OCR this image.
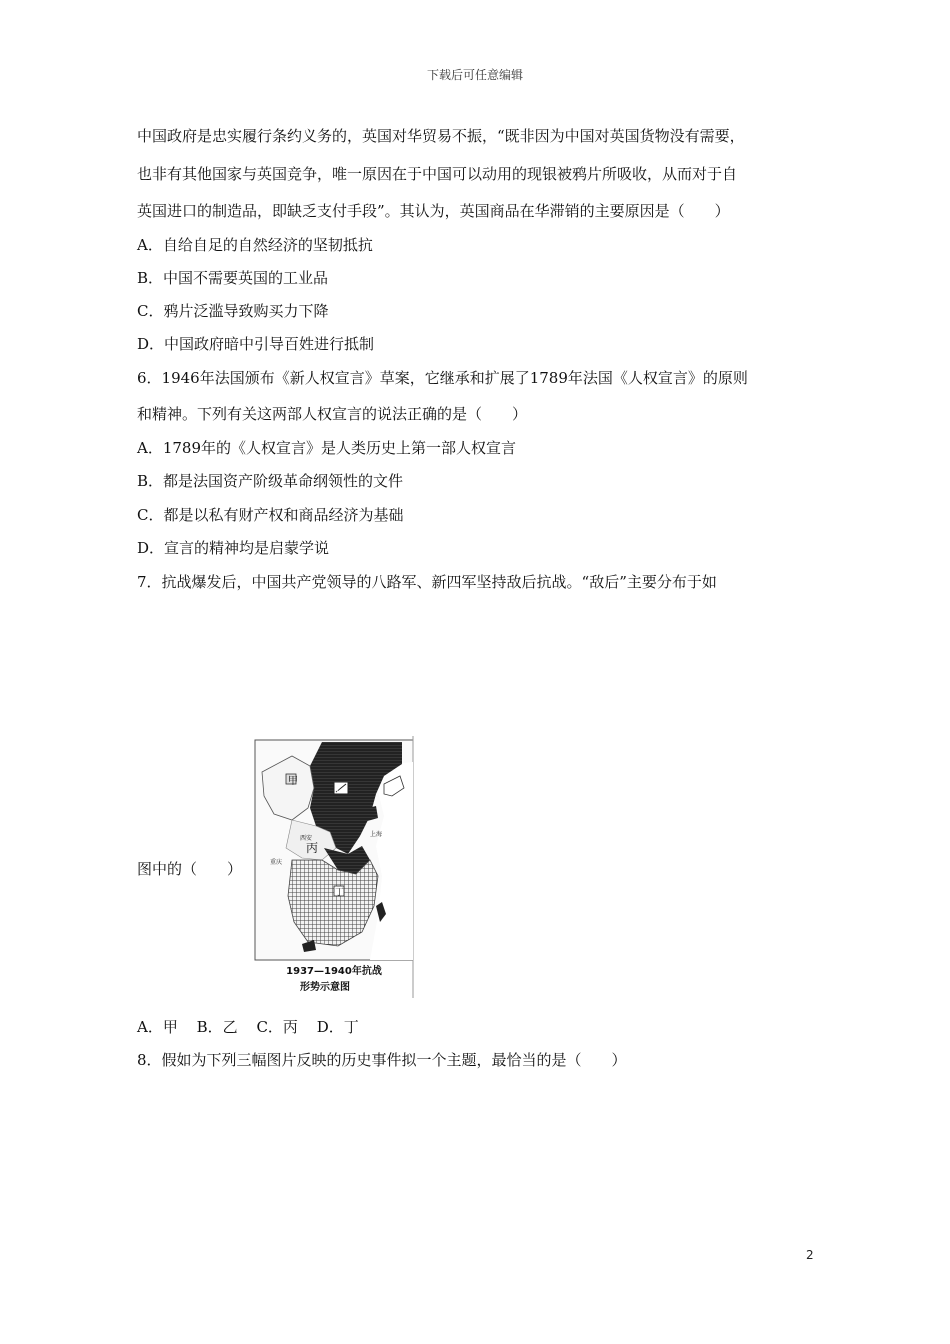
下载后可任意编辑
中国政府是忠实履行条约义务的，英国对华贸易不振，“既非因为中国对英国货物没有需要，
也非有其他国家与英国竞争，唯一原因在于中国可以动用的现银被鸦片所吸收，从而对于自
英国进口的制造品，即缺乏支付手段”。其认为，英国商品在华滞销的主要原因是（　　）
A．自给自足的自然经济的坚韧抵抗
B．中国不需要英国的工业品
C．鸦片泛滥导致购买力下降
D．中国政府暗中引导百姓进行抵制
6．1946年法国颁布《新人权宣言》草案，它继承和扩展了1789年法国《人权宣言》的原则
和精神。下列有关这两部人权宣言的说法正确的是（　　）
A．1789年的《人权宣言》是人类历史上第一部人权宣言
B．都是法国资产阶级革命纲领性的文件
C．都是以私有财产权和商品经济为基础
D．宣言的精神均是启蒙学说
7．抗战爆发后，中国共产党领导的八路军、新四军坚持敌后抗战。“敌后”主要分布于如
图中的（　　）
甲
乙
丙
丁
西安
重庆
上海
1937—1940年抗战
形势示意图
A．甲 B．乙 C．丙 D．丁
8．假如为下列三幅图片反映的历史事件拟一个主题，最恰当的是（　　）
2
